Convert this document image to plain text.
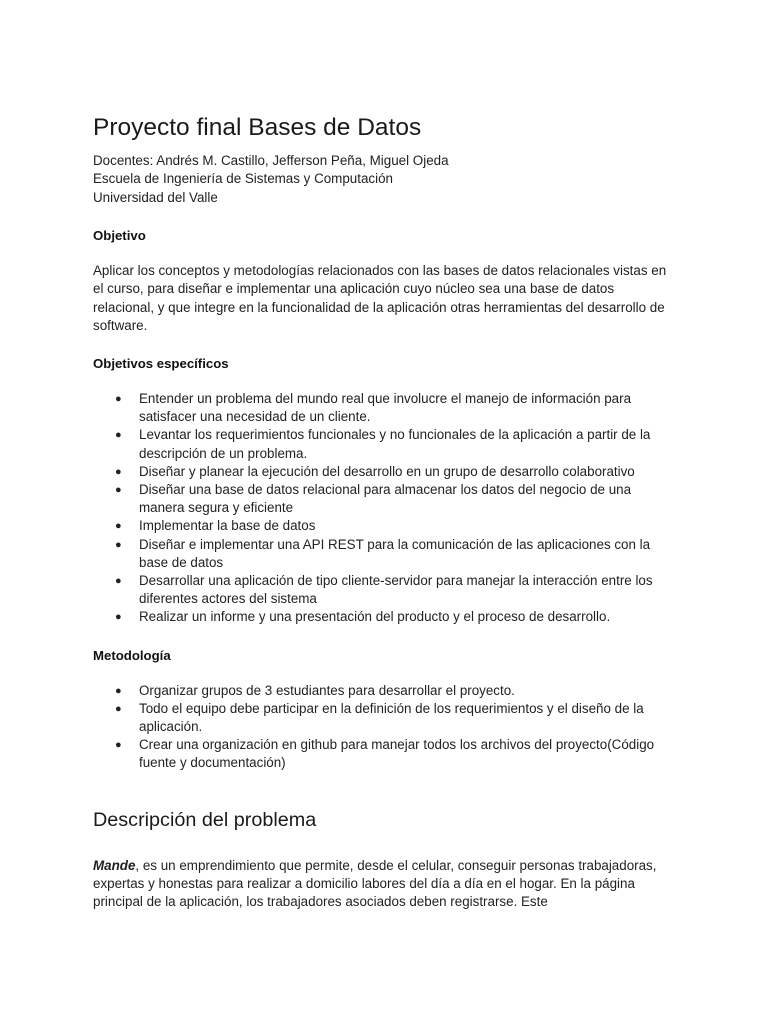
Proyecto final Bases de Datos
Docentes: Andrés M. Castillo, Jefferson Peña, Miguel Ojeda
Escuela de Ingeniería de Sistemas y Computación
Universidad del Valle
Objetivo

Aplicar los conceptos y metodologías relacionados con las bases de datos relacionales vistas en el curso, para diseñar e implementar una aplicación cuyo núcleo sea una base de datos relacional, y que integre en la funcionalidad de la aplicación otras herramientas del desarrollo de software.

Objetivos específicos
● Entender un problema del mundo real que involucre el manejo de información para satisfacer una necesidad de un cliente.
● Levantar los requerimientos funcionales y no funcionales de la aplicación a partir de la descripción de un problema.
● Diseñar y planear la ejecución del desarrollo en un grupo de desarrollo colaborativo
● Diseñar una base de datos relacional para almacenar los datos del negocio de una manera segura y eficiente
● Implementar la base de datos
● Diseñar e implementar una API REST para la comunicación de las aplicaciones con la base de datos
● Desarrollar una aplicación de tipo cliente-servidor para manejar la interacción entre los diferentes actores del sistema
● Realizar un informe y una presentación del producto y el proceso de desarrollo.
Metodología
● Organizar grupos de 3 estudiantes para desarrollar el proyecto.
● Todo el equipo debe participar en la definición de los requerimientos y el diseño de la aplicación.
● Crear una organización en github para manejar todos los archivos del proyecto(Código fuente y documentación)
Descripción del problema

Mande, es un emprendimiento que permite, desde el celular, conseguir personas trabajadoras, expertas y honestas para realizar a domicilio labores del día a día en el hogar. En la página principal de la aplicación, los trabajadores asociados deben registrarse. Este
